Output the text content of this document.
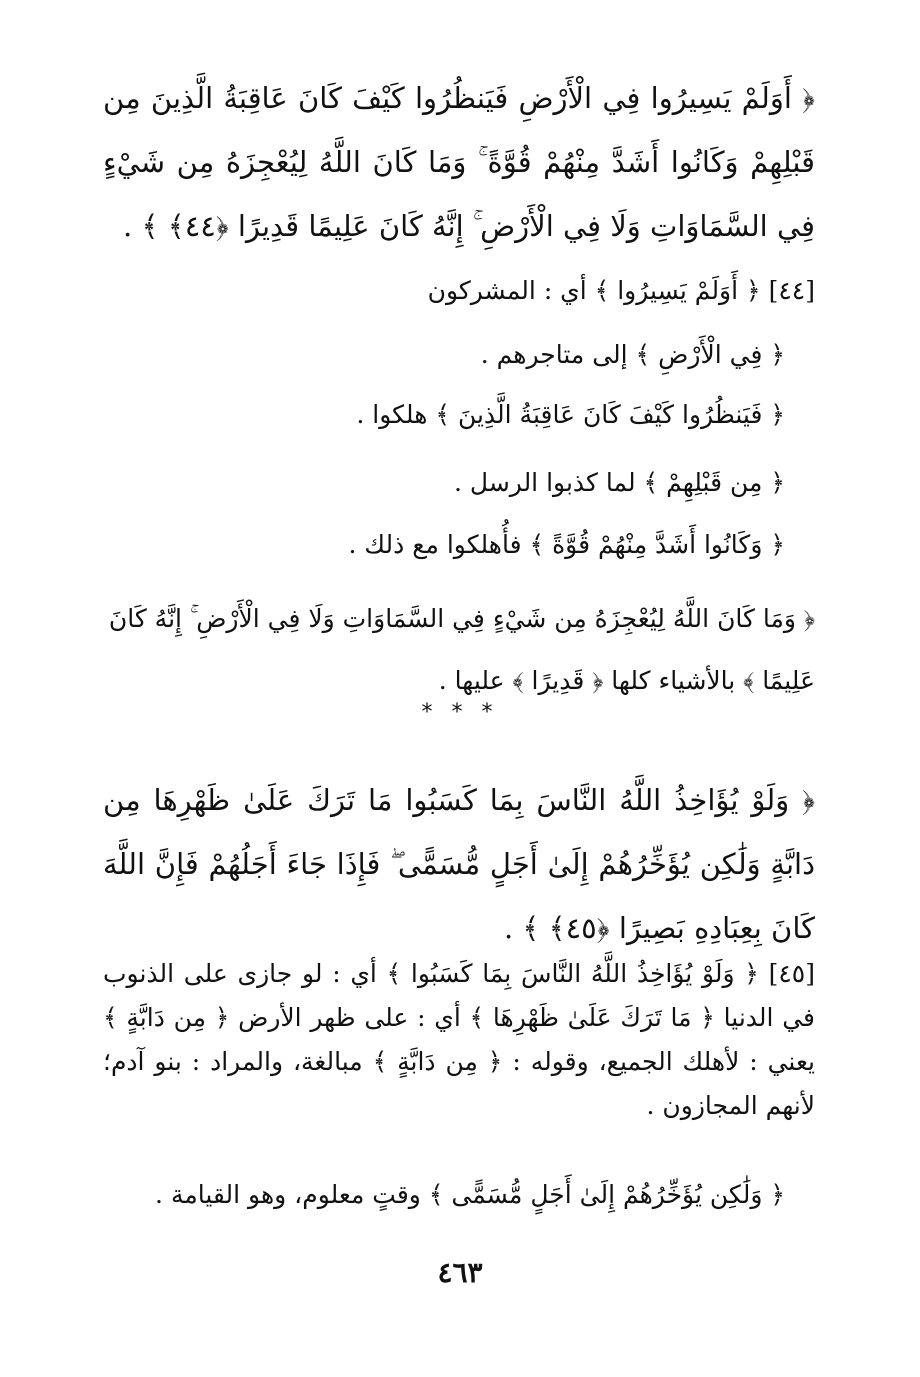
﴿ أَوَلَمْ يَسِيرُوا فِي الْأَرْضِ فَيَنظُرُوا كَيْفَ كَانَ عَاقِبَةُ الَّذِينَ مِن قَبْلِهِمْ وَكَانُوا أَشَدَّ مِنْهُمْ قُوَّةً ۚ وَمَا كَانَ اللَّهُ لِيُعْجِزَهُ مِن شَيْءٍ فِي السَّمَاوَاتِ وَلَا فِي الْأَرْضِ ۚ إِنَّهُ كَانَ عَلِيمًا قَدِيرًا ﴿٤٤﴾ ﴾ .

[٤٤] ﴿ أَوَلَمْ يَسِيرُوا ﴾ أي : المشركون

﴿ فِي الْأَرْضِ ﴾ إلى متاجرهم .

﴿ فَيَنظُرُوا كَيْفَ كَانَ عَاقِبَةُ الَّذِينَ ﴾ هلكوا .

﴿ مِن قَبْلِهِمْ ﴾ لما كذبوا الرسل .

﴿ وَكَانُوا أَشَدَّ مِنْهُمْ قُوَّةً ﴾ فأُهلكوا مع ذلك .

﴿ وَمَا كَانَ اللَّهُ لِيُعْجِزَهُ مِن شَيْءٍ فِي السَّمَاوَاتِ وَلَا فِي الْأَرْضِ ۚ إِنَّهُ كَانَ عَلِيمًا ﴾ بالأشياء كلها ﴿ قَدِيرًا ﴾ عليها .

* * *

﴿ وَلَوْ يُؤَاخِذُ اللَّهُ النَّاسَ بِمَا كَسَبُوا مَا تَرَكَ عَلَىٰ ظَهْرِهَا مِن دَابَّةٍ وَلَٰكِن يُؤَخِّرُهُمْ إِلَىٰ أَجَلٍ مُّسَمًّى ۖ فَإِذَا جَاءَ أَجَلُهُمْ فَإِنَّ اللَّهَ كَانَ بِعِبَادِهِ بَصِيرًا ﴿٤٥﴾ ﴾ .

[٤٥] ﴿ وَلَوْ يُؤَاخِذُ اللَّهُ النَّاسَ بِمَا كَسَبُوا ﴾ أي : لو جازى على الذنوب في الدنيا ﴿ مَا تَرَكَ عَلَىٰ ظَهْرِهَا ﴾ أي : على ظهر الأرض ﴿ مِن دَابَّةٍ ﴾ يعني : لأهلك الجميع، وقوله : ﴿ مِن دَابَّةٍ ﴾ مبالغة، والمراد : بنو آدم؛ لأنهم المجازون .

﴿ وَلَٰكِن يُؤَخِّرُهُمْ إِلَىٰ أَجَلٍ مُّسَمًّى ﴾ وقتٍ معلوم، وهو القيامة .

٤٦٣
